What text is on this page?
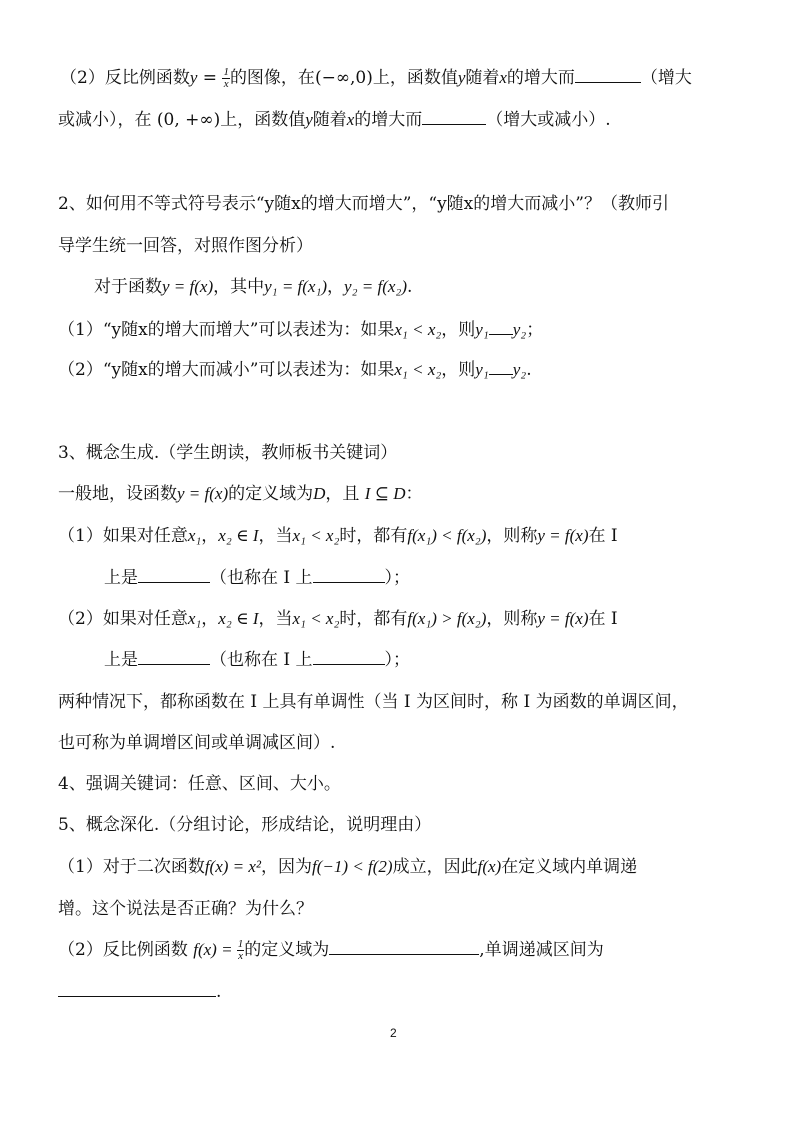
（2）反比例函数$y = \frac{1}{x}$ 的图像，在(−∞,0)上，函数值y随着x的增大而	（增大
或减小），在 (0, +∞)上，函数值y随着x的增大而	（增大或减小）.
2、如何用不等式符号表示“y随x的增大而增大”，“y随x的增大而减小”？（教师引
导学生统一回答，对照作图分析）
对于函数y = f(x)，其中y₁ = f(x₁)，y₂ = f(x₂).
（1）“y随x的增大而增大”可以表述为：如果x₁ < x₂，则y₁ y₂；
（2）“y随x的增大而减小”可以表述为：如果x₁ < x₂，则y₁ y₂.
3、概念生成.（学生朗读，教师板书关键词）
一般地，设函数y = f(x)的定义域为D，且 I ⊆ D：
（1）如果对任意x₁，x₂ ∈ I，当x₁ < x₂时，都有f(x₁) < f(x₂)，则称y = f(x)在 I
上是	（也称在 I 上	）；
（2）如果对任意x₁，x₂ ∈ I，当x₁ < x₂时，都有f(x₁) > f(x₂)，则称y = f(x)在 I
上是	（也称在 I 上	）；
两种情况下，都称函数在 I 上具有单调性（当 I 为区间时，称 I 为函数的单调区间，
也可称为单调增区间或单调减区间）.
4、强调关键词：任意、区间、大小。
5、概念深化.（分组讨论，形成结论，说明理由）
（1）对于二次函数f(x) = x²，因为f(−1) < f(2)成立，因此f(x)在定义域内单调递
增。这个说法是否正确？为什么？
（2）反比例函数 $f(x) = \frac{1}{x}$ 的定义域为	,单调递减区间为
.
2
